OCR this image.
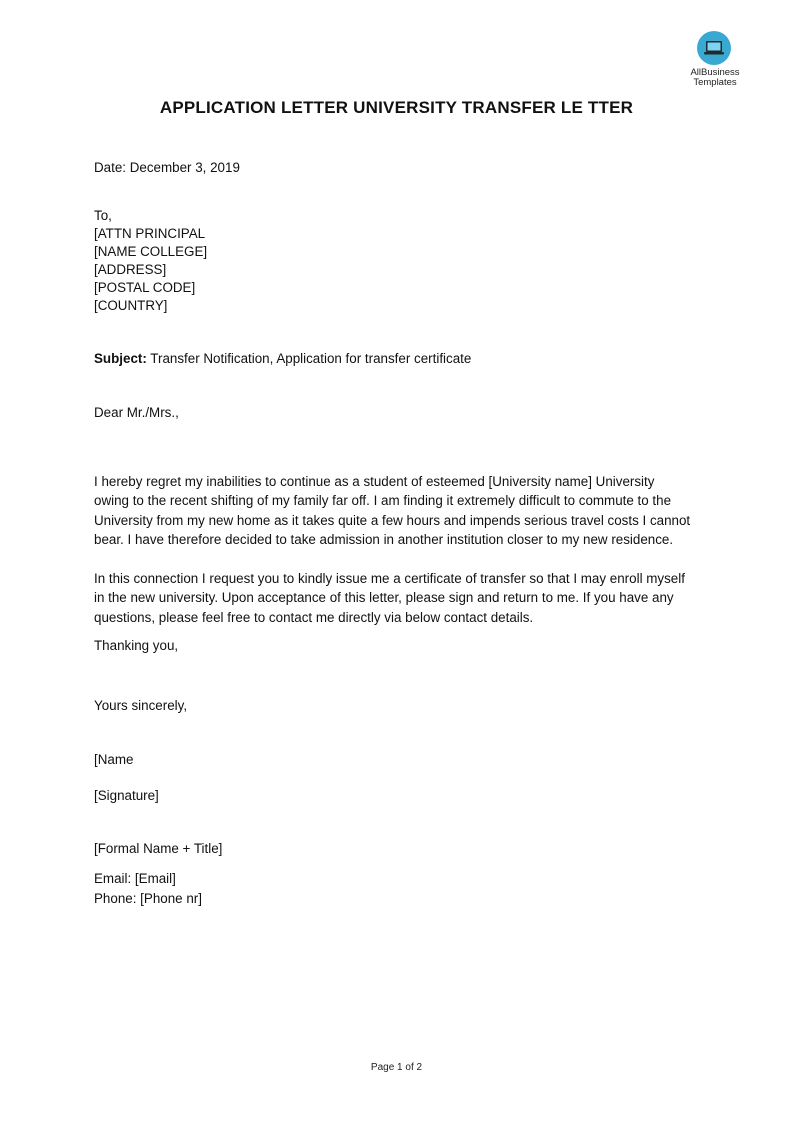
AllBusiness
Templates
APPLICATION LETTER UNIVERSITY TRANSFER LE TTER
Date: December 3, 2019
To,
[ATTN PRINCIPAL
[NAME COLLEGE]
[ADDRESS]
[POSTAL CODE]
[COUNTRY]
Subject: Transfer Notification, Application for transfer certificate
Dear Mr./Mrs.,
I hereby regret my inabilities to continue as a student of esteemed [University name] University
owing to the recent shifting of my family far off. I am finding it extremely difficult to commute to the
University from my new home as it takes quite a few hours and impends serious travel costs I cannot
bear. I have therefore decided to take admission in another institution closer to my new residence.
In this connection I request you to kindly issue me a certificate of transfer so that I may enroll myself
in the new university. Upon acceptance of this letter, please sign and return to me. If you have any
questions, please feel free to contact me directly via below contact details.
Thanking you,
Yours sincerely,
[Name
[Signature]
[Formal Name + Title]
Email: [Email]
Phone: [Phone nr]
Page 1 of 2
